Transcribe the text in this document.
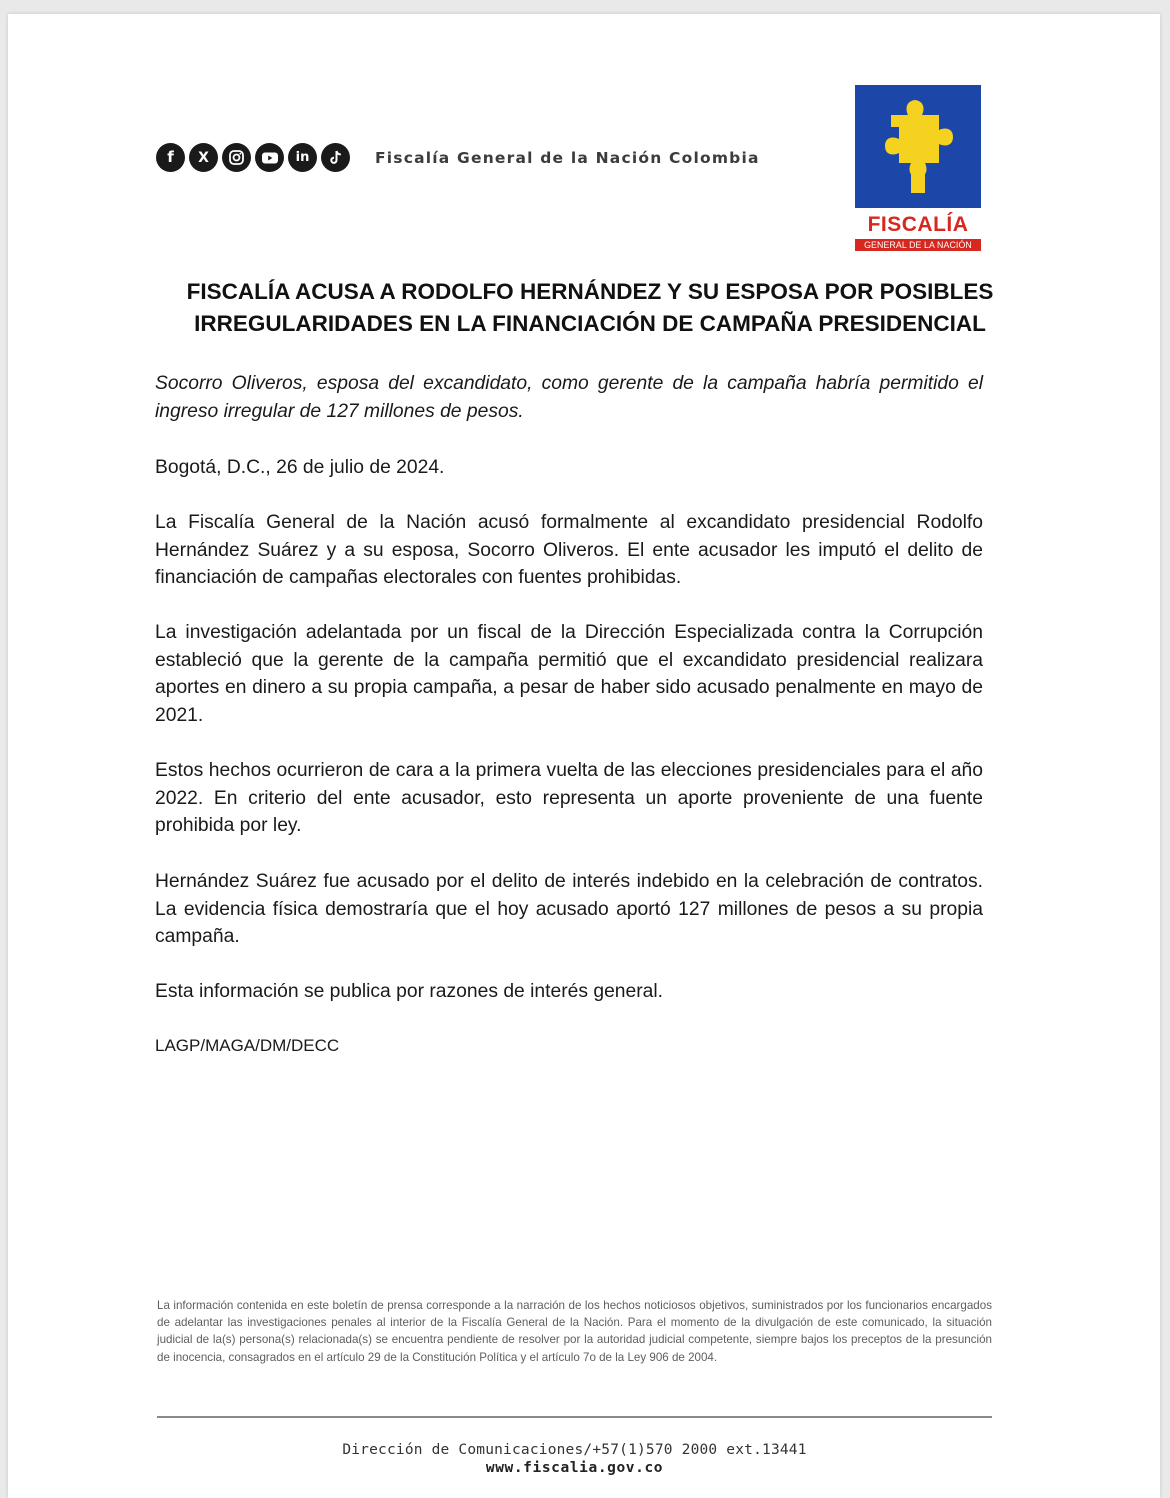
f X	in	Fiscalía General de la Nación Colombia
FISCALÍA
GENERAL DE LA NACIÓN
FISCALÍA ACUSA A RODOLFO HERNÁNDEZ Y SU ESPOSA POR POSIBLES IRREGULARIDADES EN LA FINANCIACIÓN DE CAMPAÑA PRESIDENCIAL

Socorro Oliveros, esposa del excandidato, como gerente de la campaña habría permitido el ingreso irregular de 127 millones de pesos.

Bogotá, D.C., 26 de julio de 2024.

La Fiscalía General de la Nación acusó formalmente al excandidato presidencial Rodolfo Hernández Suárez y a su esposa, Socorro Oliveros. El ente acusador les imputó el delito de financiación de campañas electorales con fuentes prohibidas.

La investigación adelantada por un fiscal de la Dirección Especializada contra la Corrupción estableció que la gerente de la campaña permitió que el excandidato presidencial realizara aportes en dinero a su propia campaña, a pesar de haber sido acusado penalmente en mayo de 2021.

Estos hechos ocurrieron de cara a la primera vuelta de las elecciones presidenciales para el año 2022. En criterio del ente acusador, esto representa un aporte proveniente de una fuente prohibida por ley.

Hernández Suárez fue acusado por el delito de interés indebido en la celebración de contratos. La evidencia física demostraría que el hoy acusado aportó 127 millones de pesos a su propia campaña.

Esta información se publica por razones de interés general.

LAGP/MAGA/DM/DECC

La información contenida en este boletín de prensa corresponde a la narración de los hechos noticiosos objetivos, suministrados por los funcionarios encargados de adelantar las investigaciones penales al interior de la Fiscalía General de la Nación. Para el momento de la divulgación de este comunicado, la situación judicial de la(s) persona(s) relacionada(s) se encuentra pendiente de resolver por la autoridad judicial competente, siempre bajos los preceptos de la presunción de inocencia, consagrados en el artículo 29 de la Constitución Política y el artículo 7o de la Ley 906 de 2004.

Dirección de Comunicaciones/+57(1)570 2000 ext.13441
www.fiscalia.gov.co
